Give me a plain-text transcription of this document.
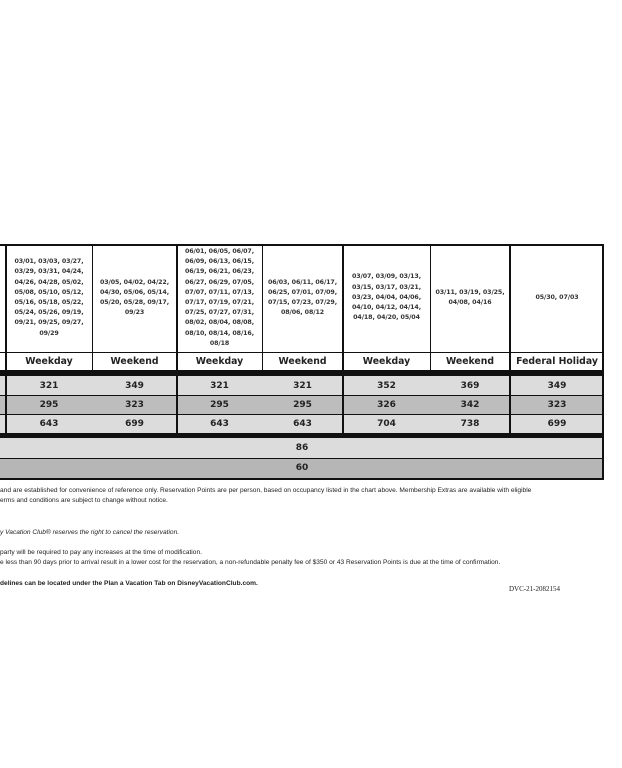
03/01, 03/03, 03/27, 03/29, 03/31, 04/24, 04/26, 04/28, 05/02, 05/08, 05/10, 05/12, 05/16, 05/18, 05/22, 05/24, 05/26, 09/19, 09/21, 09/25, 09/27, 09/29
Weekday
321
295
643
03/05, 04/02, 04/22, 04/30, 05/06, 05/14, 05/20, 05/28, 09/17, 09/23
Weekend
349
323
699
06/01, 06/05, 06/07, 06/09, 06/13, 06/15, 06/19, 06/21, 06/23, 06/27, 06/29, 07/05, 07/07, 07/11, 07/13, 07/17, 07/19, 07/21, 07/25, 07/27, 07/31, 08/02, 08/04, 08/08, 08/10, 08/14, 08/16, 08/18
Weekday
321
295
643
06/03, 06/11, 06/17, 06/25, 07/01, 07/09, 07/15, 07/23, 07/29, 08/06, 08/12
Weekend
321
295
643
03/07, 03/09, 03/13, 03/15, 03/17, 03/21, 03/23, 04/04, 04/06, 04/10, 04/12, 04/14, 04/18, 04/20, 05/04
Weekday
352
326
704
03/11, 03/19, 03/25, 04/08, 04/16
Weekend
369
342
738
05/30, 07/03
Federal Holiday
349
323
699
86
60
and are established for convenience of reference only. Reservation Points are per person, based on occupancy listed in the chart above. Membership Extras are available with eligible
erms and conditions are subject to change without notice.
y Vacation Club® reserves the right to cancel the reservation.
party will be required to pay any increases at the time of modification.
e less than 90 days prior to arrival result in a lower cost for the reservation, a non-refundable penalty fee of $350 or 43 Reservation Points is due at the time of confirmation.
delines can be located under the Plan a Vacation Tab on DisneyVacationClub.com.
DVC-21-2082154
